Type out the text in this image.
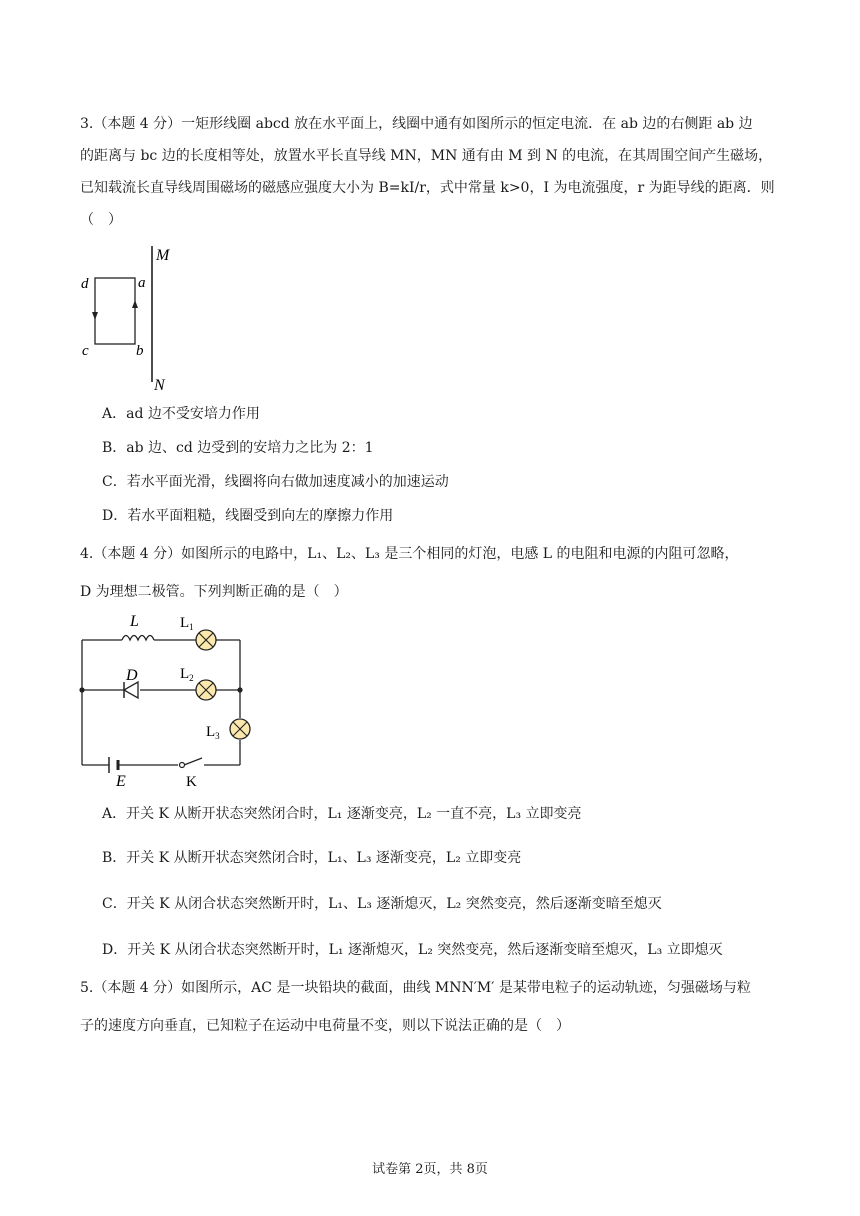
3.（本题 4 分）一矩形线圈 abcd 放在水平面上，线圈中通有如图所示的恒定电流．在 ab 边的右侧距 ab 边
的距离与 bc 边的长度相等处，放置水平长直导线 MN，MN 通有由 M 到 N 的电流，在其周围空间产生磁场，
已知载流长直导线周围磁场的磁感应强度大小为 B=kI/r，式中常量 k>0，I 为电流强度，r 为距导线的距离．则
（　）
M
N
d	a
c	b
A．ad 边不受安培力作用
B．ab 边、cd 边受到的安培力之比为 2：1
C．若水平面光滑，线圈将向右做加速度减小的加速运动
D．若水平面粗糙，线圈受到向左的摩擦力作用
4.（本题 4 分）如图所示的电路中，L₁、L₂、L₃ 是三个相同的灯泡，电感 L 的电阻和电源的内阻可忽略，
D 为理想二极管。下列判断正确的是（　）
L	$L_1$
D	$L_2$
$L_3$
E	K
A．开关 K 从断开状态突然闭合时，L₁ 逐渐变亮，L₂ 一直不亮，L₃ 立即变亮
B．开关 K 从断开状态突然闭合时，L₁、L₃ 逐渐变亮，L₂ 立即变亮
C．开关 K 从闭合状态突然断开时，L₁、L₃ 逐渐熄灭，L₂ 突然变亮，然后逐渐变暗至熄灭
D．开关 K 从闭合状态突然断开时，L₁ 逐渐熄灭，L₂ 突然变亮，然后逐渐变暗至熄灭，L₃ 立即熄灭
5.（本题 4 分）如图所示，AC 是一块铅块的截面，曲线 MNN′M′ 是某带电粒子的运动轨迹，匀强磁场与粒
子的速度方向垂直，已知粒子在运动中电荷量不变，则以下说法正确的是（　）
试卷第 2页，共 8页
